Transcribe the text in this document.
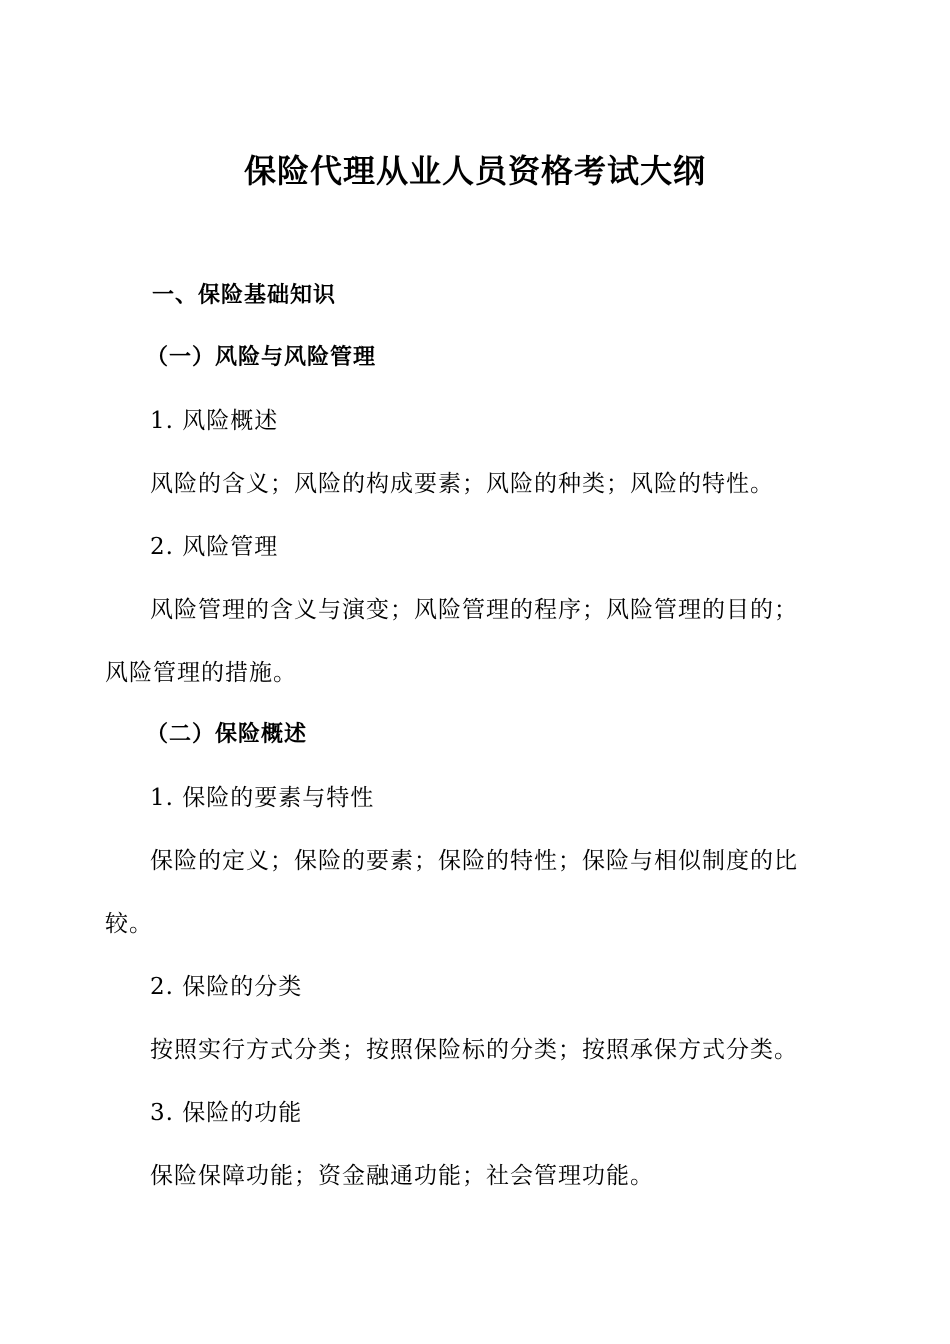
保险代理从业人员资格考试大纲
一、保险基础知识
（一）风险与风险管理
1. 风险概述
风险的含义；风险的构成要素；风险的种类；风险的特性。
2. 风险管理
风险管理的含义与演变；风险管理的程序；风险管理的目的；
风险管理的措施。
（二）保险概述
1. 保险的要素与特性
保险的定义；保险的要素；保险的特性；保险与相似制度的比
较。
2. 保险的分类
按照实行方式分类；按照保险标的分类；按照承保方式分类。
3. 保险的功能
保险保障功能；资金融通功能；社会管理功能。
